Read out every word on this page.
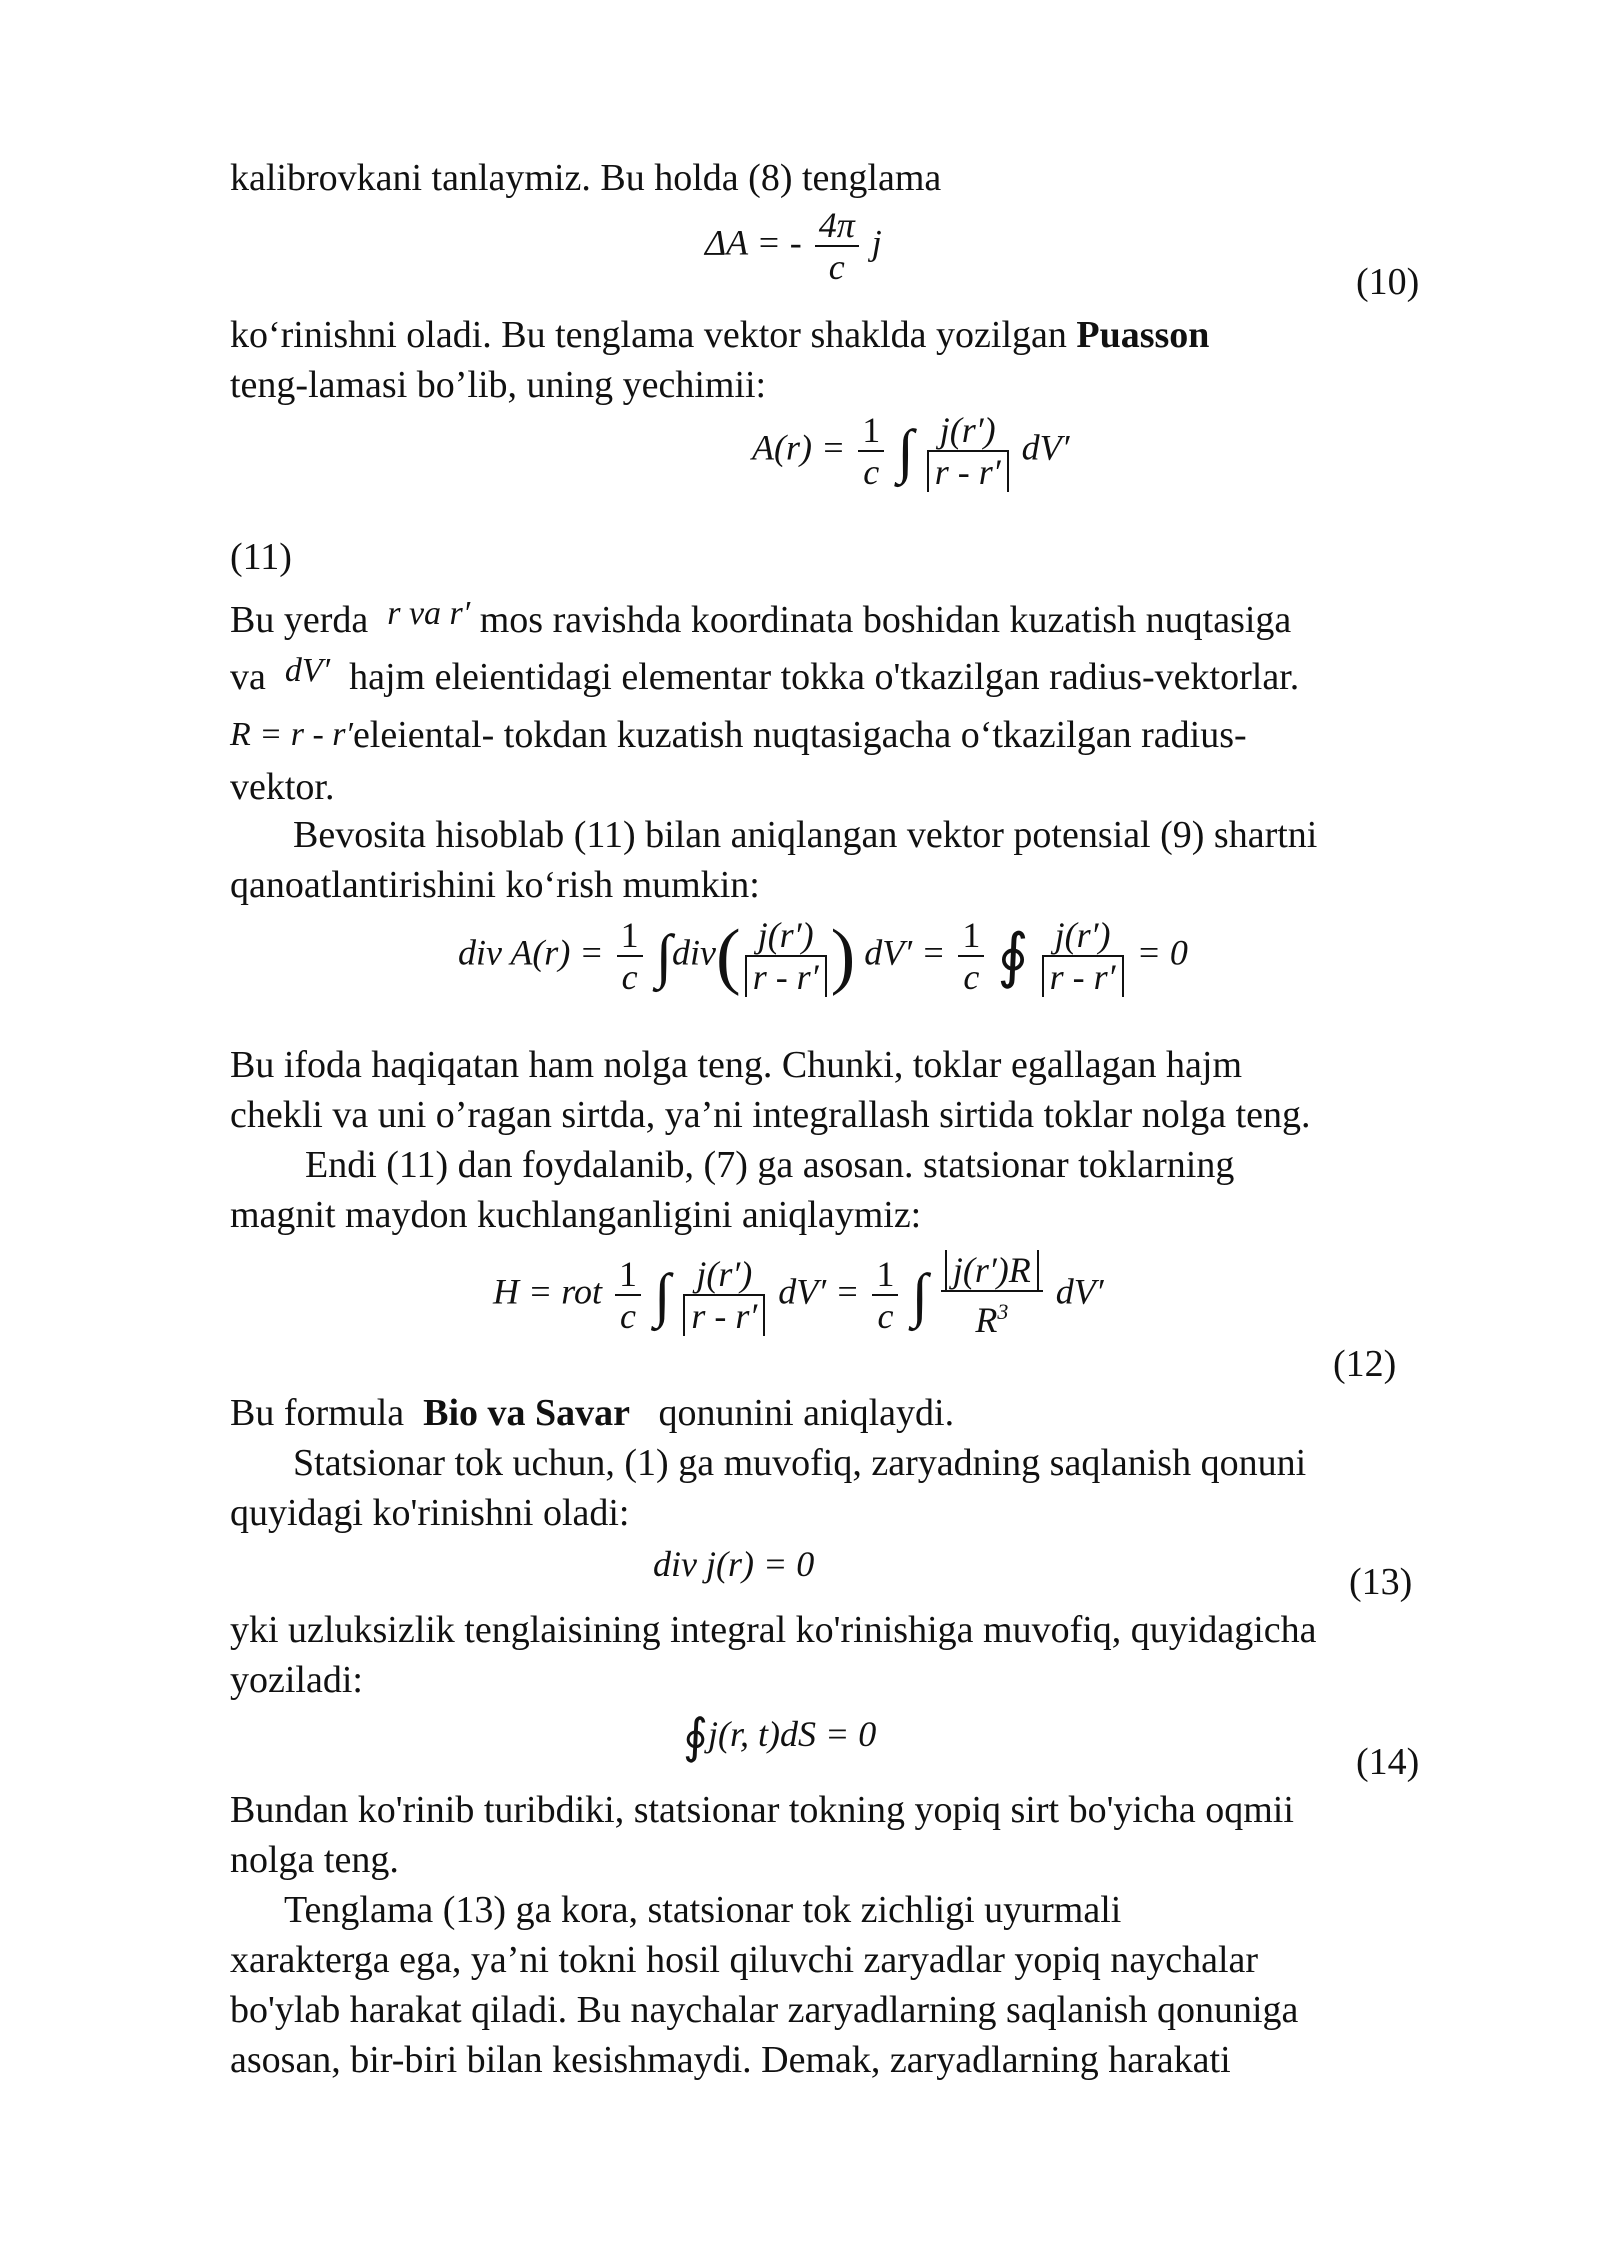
kalibrovkani tanlaymiz. Bu holda (8) tenglama
ΔA = - $\frac{4\pi}{c}$ j
(10)
ko‘rinishni oladi. Bu tenglama vektor shaklda yozilgan Puasson
teng-lamasi bo’lib, uning yechimii:
$A(r) = \frac{1}{c}$ ∫ $\frac{j(r')}{r - r'} dV'$
(11)
Bu yerda r va r′ mos ravishda koordinata boshidan kuzatish nuqtasiga
va dV′ hajm eleientidagi elementar tokka o'tkazilgan radius-vektorlar.
R = r - r′eleiental- tokdan kuzatish nuqtasigacha o‘tkazilgan radius-
vektor.
Bevosita hisoblab (11) bilan aniqlangan vektor potensial (9) shartni
qanoatlantirishini ko‘rish mumkin:
div $A(r) = \frac{1}{c} \int div( \frac{j(r')}{r - r'}$ ) $dV' = \frac{1}{c}$ ∮ $\frac{j(r')}{r - r'} = 0$
Bu ifoda haqiqatan ham nolga teng. Chunki, toklar egallagan hajm
chekli va uni o’ragan sirtda, ya’ni integrallash sirtida toklar nolga teng.
Endi (11) dan foydalanib, (7) ga asosan. statsionar toklarning
magnit maydon kuchlanganligini aniqlaymiz:
H = rot $\frac{1}{c}$ ∫ $\frac{j(r')}{r - r'} dV' = \frac{1}{c}$ ∫ $\frac{j(r')R}{R^3} dV'$
(12)
Bu formula Bio va Savar qonunini aniqlaydi.
Statsionar tok uchun, (1) ga muvofiq, zaryadning saqlanish qonuni
quyidagi ko'rinishni oladi:
div j(r) = 0	(13)
yki uzluksizlik tenglaisining integral ko'rinishiga muvofiq, quyidagicha
yoziladi:
∮j(r, t)dS = 0
(14)
Bundan ko'rinib turibdiki, statsionar tokning yopiq sirt bo'yicha oqmii
nolga teng.
Tenglama (13) ga kora, statsionar tok zichligi uyurmali
xarakterga ega, ya’ni tokni hosil qiluvchi zaryadlar yopiq naychalar
bo'ylab harakat qiladi. Bu naychalar zaryadlarning saqlanish qonuniga
asosan, bir-biri bilan kesishmaydi. Demak, zaryadlarning harakati
